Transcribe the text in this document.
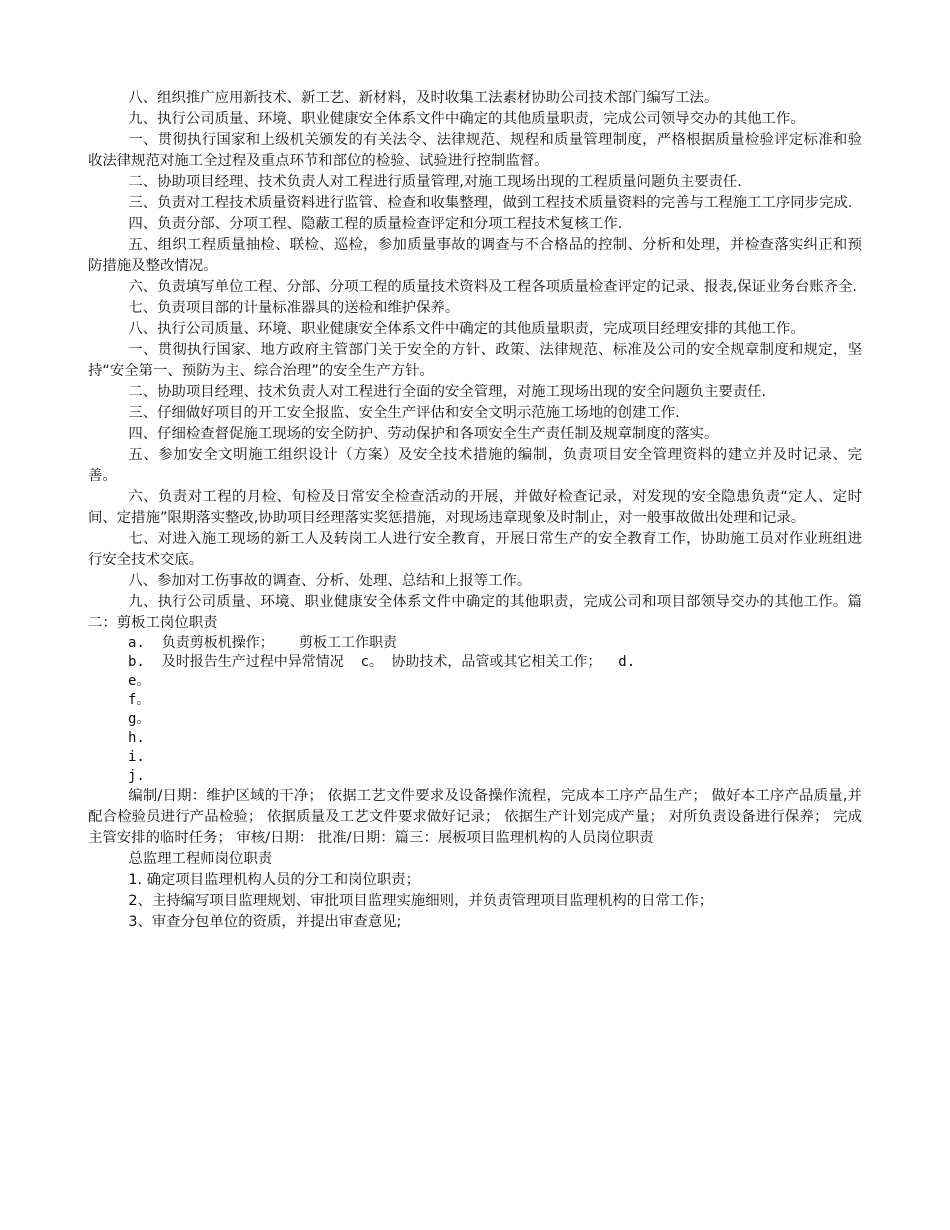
八、组织推广应用新技术、新工艺、新材料，及时收集工法素材协助公司技术部门编写工法。

九、执行公司质量、环境、职业健康安全体系文件中确定的其他质量职责，完成公司领导交办的其他工作。

一、贯彻执行国家和上级机关颁发的有关法令、法律规范、规程和质量管理制度，严格根据质量检验评定标准和验收法律规范对施工全过程及重点环节和部位的检验、试验进行控制监督。

二、协助项目经理、技术负责人对工程进行质量管理,对施工现场出现的工程质量问题负主要责任.

三、负责对工程技术质量资料进行监管、检查和收集整理，做到工程技术质量资料的完善与工程施工工序同步完成.

四、负责分部、分项工程、隐蔽工程的质量检查评定和分项工程技术复核工作.

五、组织工程质量抽检、联检、巡检，参加质量事故的调查与不合格品的控制、分析和处理，并检查落实纠正和预防措施及整改情况。

六、负责填写单位工程、分部、分项工程的质量技术资料及工程各项质量检查评定的记录、报表,保证业务台账齐全.

七、负责项目部的计量标准器具的送检和维护保养。

八、执行公司质量、环境、职业健康安全体系文件中确定的其他质量职责，完成项目经理安排的其他工作。

一、贯彻执行国家、地方政府主管部门关于安全的方针、政策、法律规范、标准及公司的安全规章制度和规定，坚持“安全第一、预防为主、综合治理”的安全生产方针。

二、协助项目经理、技术负责人对工程进行全面的安全管理，对施工现场出现的安全问题负主要责任.

三、仔细做好项目的开工安全报监、安全生产评估和安全文明示范施工场地的创建工作.

四、仔细检查督促施工现场的安全防护、劳动保护和各项安全生产责任制及规章制度的落实。

五、参加安全文明施工组织设计（方案）及安全技术措施的编制，负责项目安全管理资料的建立并及时记录、完善。

六、负责对工程的月检、旬检及日常安全检查活动的开展，并做好检查记录，对发现的安全隐患负责“定人、定时间、定措施”限期落实整改,协助项目经理落实奖惩措施，对现场违章现象及时制止，对一般事故做出处理和记录。

七、对进入施工现场的新工人及转岗工人进行安全教育，开展日常生产的安全教育工作，协助施工员对作业班组进行安全技术交底。

八、参加对工伤事故的调查、分析、处理、总结和上报等工作。

九、执行公司质量、环境、职业健康安全体系文件中确定的其他职责，完成公司和项目部领导交办的其他工作。篇二：剪板工岗位职责

a.  负责剪板机操作；   剪板工工作职责

b.  及时报告生产过程中异常情况  c。 协助技术，品管或其它相关工作；  d.

e。

f。

g。

h.

i.

j.

编制/日期：维护区域的干净； 依据工艺文件要求及设备操作流程，完成本工序产品生产； 做好本工序产品质量,并配合检验员进行产品检验； 依据质量及工艺文件要求做好记录； 依据生产计划完成产量； 对所负责设备进行保养； 完成主管安排的临时任务； 审核/日期： 批准/日期：篇三：展板项目监理机构的人员岗位职责

总监理工程师岗位职责

1. 确定项目监理机构人员的分工和岗位职责；

2、主持编写项目监理规划、审批项目监理实施细则，并负责管理项目监理机构的日常工作；

3、审查分包单位的资质，并提出审查意见;
